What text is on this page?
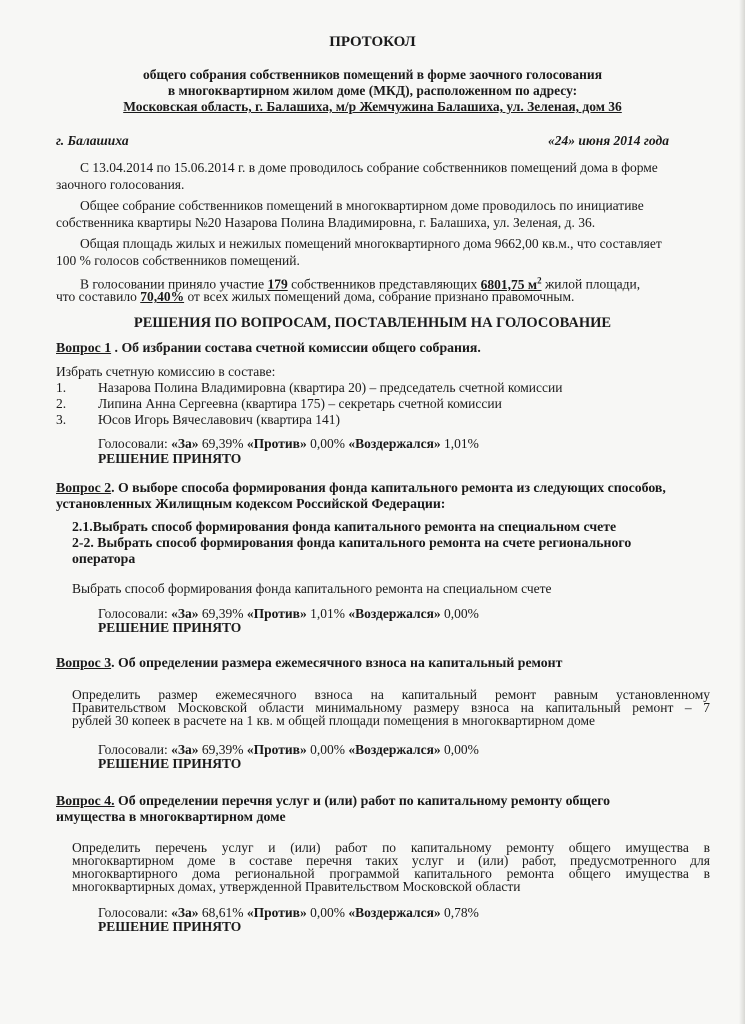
ПРОТОКОЛ
общего собрания собственников помещений в форме заочного голосования
в многоквартирном жилом доме (МКД), расположенном по адресу:
Московская область, г. Балашиха, м/р Жемчужина Балашиха, ул. Зеленая, дом 36
г. Балашиха	«24» июня 2014 года
С 13.04.2014 по 15.06.2014 г. в доме проводилось собрание собственников помещений дома в форме
заочного голосования.
Общее собрание собственников помещений в многоквартирном доме проводилось по инициативе
собственника квартиры №20 Назарова Полина Владимировна, г. Балашиха, ул. Зеленая, д. 36.
Общая площадь жилых и нежилых помещений многоквартирного дома 9662,00 кв.м., что составляет
100 % голосов собственников помещений.
В голосовании приняло участие 179 собственников представляющих 6801,75 $м^2$ жилой площади,
что составило 70,40% от всех жилых помещений дома, собрание признано правомочным.
РЕШЕНИЯ ПО ВОПРОСАМ, ПОСТАВЛЕННЫМ НА ГОЛОСОВАНИЕ
Вопрос 1 . Об избрании состава счетной комиссии общего собрания.
Избрать счетную комиссию в составе:
1. Назарова Полина Владимировна (квартира 20) – председатель счетной комиссии
2. Липина Анна Сергеевна (квартира 175) – секретарь счетной комиссии
3. Юсов Игорь Вячеславович (квартира 141)
Голосовали: «За» 69,39% «Против» 0,00% «Воздержался» 1,01%
РЕШЕНИЕ ПРИНЯТО
Вопрос 2. О выборе способа формирования фонда капитального ремонта из следующих способов,
установленных Жилищным кодексом Российской Федерации:
2.1.Выбрать способ формирования фонда капитального ремонта на специальном счете
2-2. Выбрать способ формирования фонда капитального ремонта на счете регионального
оператора
Выбрать способ формирования фонда капитального ремонта на специальном счете
Голосовали: «За» 69,39% «Против» 1,01% «Воздержался» 0,00%
РЕШЕНИЕ ПРИНЯТО
Вопрос 3. Об определении размера ежемесячного взноса на капитальный ремонт
Определить размер ежемесячного взноса на капитальный ремонт равным установленному
Правительством Московской области минимальному размеру взноса на капитальный ремонт – 7
рублей 30 копеек в расчете на 1 кв. м общей площади помещения в многоквартирном доме
Голосовали: «За» 69,39% «Против» 0,00% «Воздержался» 0,00%
РЕШЕНИЕ ПРИНЯТО
Вопрос 4. Об определении перечня услуг и (или) работ по капитальному ремонту общего
имущества в многоквартирном доме
Определить перечень услуг и (или) работ по капитальному ремонту общего имущества в
многоквартирном доме в составе перечня таких услуг и (или) работ, предусмотренного для
многоквартирного дома региональной программой капитального ремонта общего имущества в
многоквартирных домах, утвержденной Правительством Московской области
Голосовали: «За» 68,61% «Против» 0,00% «Воздержался» 0,78%
РЕШЕНИЕ ПРИНЯТО
